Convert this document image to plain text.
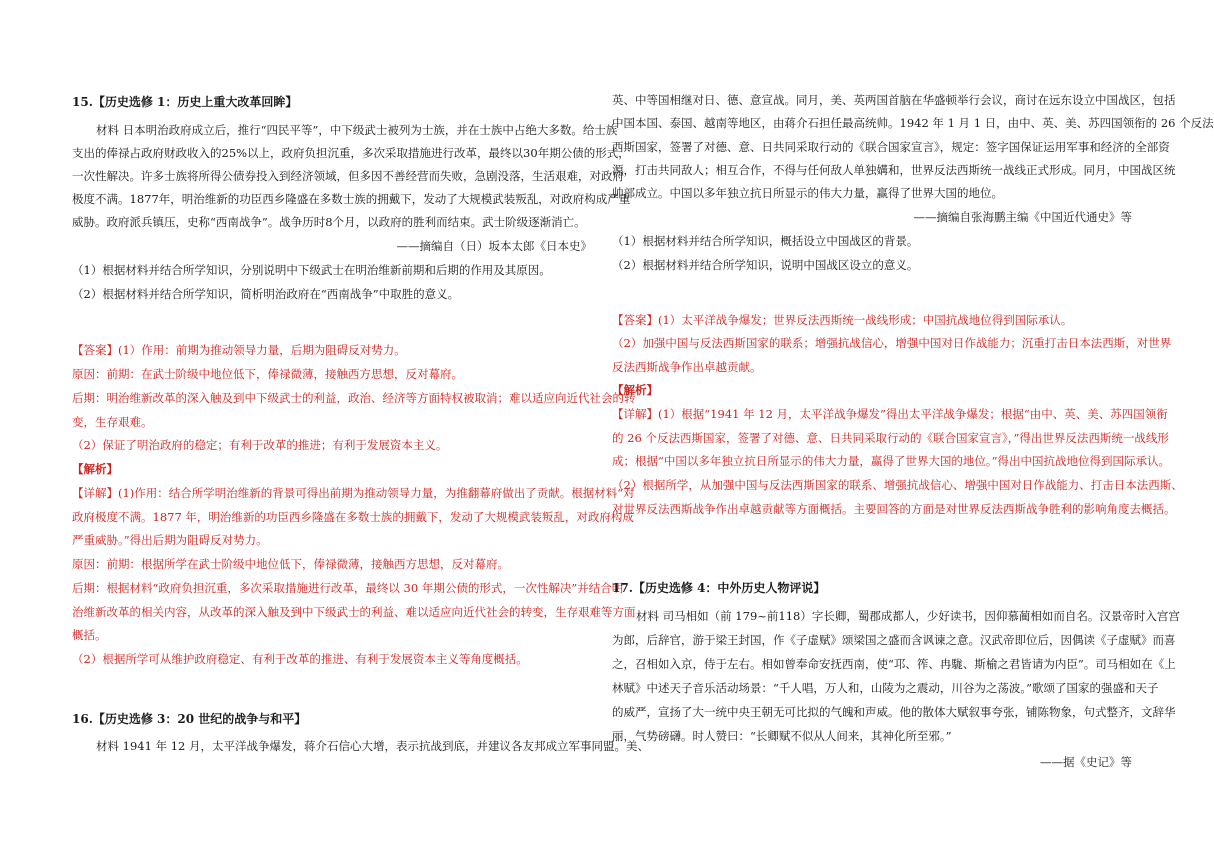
15.【历史选修 1：历史上重大改革回眸】
材料 日本明治政府成立后，推行“四民平等”，中下级武士被列为士族，并在士族中占绝大多数。给士族
支出的俸禄占政府财政收入的25%以上，政府负担沉重，多次采取措施进行改革，最终以30年期公债的形式，
一次性解决。许多士族将所得公债券投入到经济领域，但多因不善经营而失败，急剧没落，生活艰难，对政府
极度不满。1877年，明治维新的功臣西乡隆盛在多数士族的拥戴下，发动了大规模武装叛乱，对政府构成严重
威胁。政府派兵镇压，史称“西南战争”。战争历时8个月，以政府的胜利而结束。武士阶级逐渐消亡。
——摘编自（日）坂本太郎《日本史》
（1）根据材料并结合所学知识，分别说明中下级武士在明治维新前期和后期的作用及其原因。
（2）根据材料并结合所学知识，简析明治政府在“西南战争”中取胜的意义。
【答案】(1）作用：前期为推动领导力量，后期为阻碍反对势力。
原因：前期：在武士阶级中地位低下，俸禄微薄，接触西方思想，反对幕府。
后期：明治维新改革的深入触及到中下级武士的利益，政治、经济等方面特权被取消；难以适应向近代社会的转
变，生存艰难。
（2）保证了明治政府的稳定；有利于改革的推进；有利于发展资本主义。
【解析】
【详解】(1)作用：结合所学明治维新的背景可得出前期为推动领导力量，为推翻幕府做出了贡献。根据材料“对
政府极度不满。1877 年，明治维新的功臣西乡隆盛在多数士族的拥戴下，发动了大规模武装叛乱，对政府构成
严重威胁。”得出后期为阻碍反对势力。
原因：前期：根据所学在武士阶级中地位低下，俸禄微薄，接触西方思想，反对幕府。
后期：根据材料“政府负担沉重，多次采取措施进行改革，最终以 30 年期公债的形式，一次性解决”并结合明
治维新改革的相关内容，从改革的深入触及到中下级武士的利益、难以适应向近代社会的转变，生存艰难等方面
概括。
（2）根据所学可从维护政府稳定、有利于改革的推进、有利于发展资本主义等角度概括。
16.【历史选修 3：20 世纪的战争与和平】
材料 1941 年 12 月，太平洋战争爆发，蒋介石信心大增，表示抗战到底，并建议各友邦成立军事同盟。美、
英、中等国相继对日、德、意宣战。同月，美、英两国首脑在华盛顿举行会议，商讨在远东设立中国战区，包括
中国本国、泰国、越南等地区，由蒋介石担任最高统帅。1942 年 1 月 1 日，由中、英、美、苏四国领衔的 26 个反法
西斯国家，签署了对德、意、日共同采取行动的《联合国家宣言》，规定：签字国保证运用军事和经济的全部资
源，打击共同敌人；相互合作，不得与任何敌人单独媾和，世界反法西斯统一战线正式形成。同月，中国战区统
帅部成立。中国以多年独立抗日所显示的伟大力量，赢得了世界大国的地位。
——摘编自张海鹏主编《中国近代通史》等
（1）根据材料并结合所学知识，概括设立中国战区的背景。
（2）根据材料并结合所学知识，说明中国战区设立的意义。
【答案】(1）太平洋战争爆发；世界反法西斯统一战线形成；中国抗战地位得到国际承认。
（2）加强中国与反法西斯国家的联系；增强抗战信心，增强中国对日作战能力；沉重打击日本法西斯，对世界
反法西斯战争作出卓越贡献。
【解析】
【详解】(1）根据“1941 年 12 月，太平洋战争爆发”得出太平洋战争爆发；根据“由中、英、美、苏四国领衔
的 26 个反法西斯国家，签署了对德、意、日共同采取行动的《联合国家宣言》，”得出世界反法西斯统一战线形
成；根据“中国以多年独立抗日所显示的伟大力量，赢得了世界大国的地位。”得出中国抗战地位得到国际承认。
（2）根据所学，从加强中国与反法西斯国家的联系、增强抗战信心、增强中国对日作战能力、打击日本法西斯、
对世界反法西斯战争作出卓越贡献等方面概括。主要回答的方面是对世界反法西斯战争胜利的影响角度去概括。
17.【历史选修 4：中外历史人物评说】
材料 司马相如（前 179~前118）字长卿，蜀郡成都人，少好读书，因仰慕蔺相如而自名。汉景帝时入宫宫
为郎，后辞官，游于梁王封国，作《子虚赋》颂梁国之盛而含讽谏之意。汉武帝即位后，因偶读《子虚赋》而喜
之，召相如入京，侍于左右。相如曾奉命安抚西南，使“邛、筰、冉駹、斯榆之君皆请为内臣”。司马相如在《上
林赋》中述天子音乐活动场景：“千人唱，万人和，山陵为之震动，川谷为之荡波。”歌颂了国家的强盛和天子
的威严，宣扬了大一统中央王朝无可比拟的气魄和声威。他的散体大赋叙事夸张，铺陈物象，句式整齐，文辞华
丽，气势磅礴。时人赞曰：“长卿赋不似从人间来，其神化所至邪。”
——据《史记》等
